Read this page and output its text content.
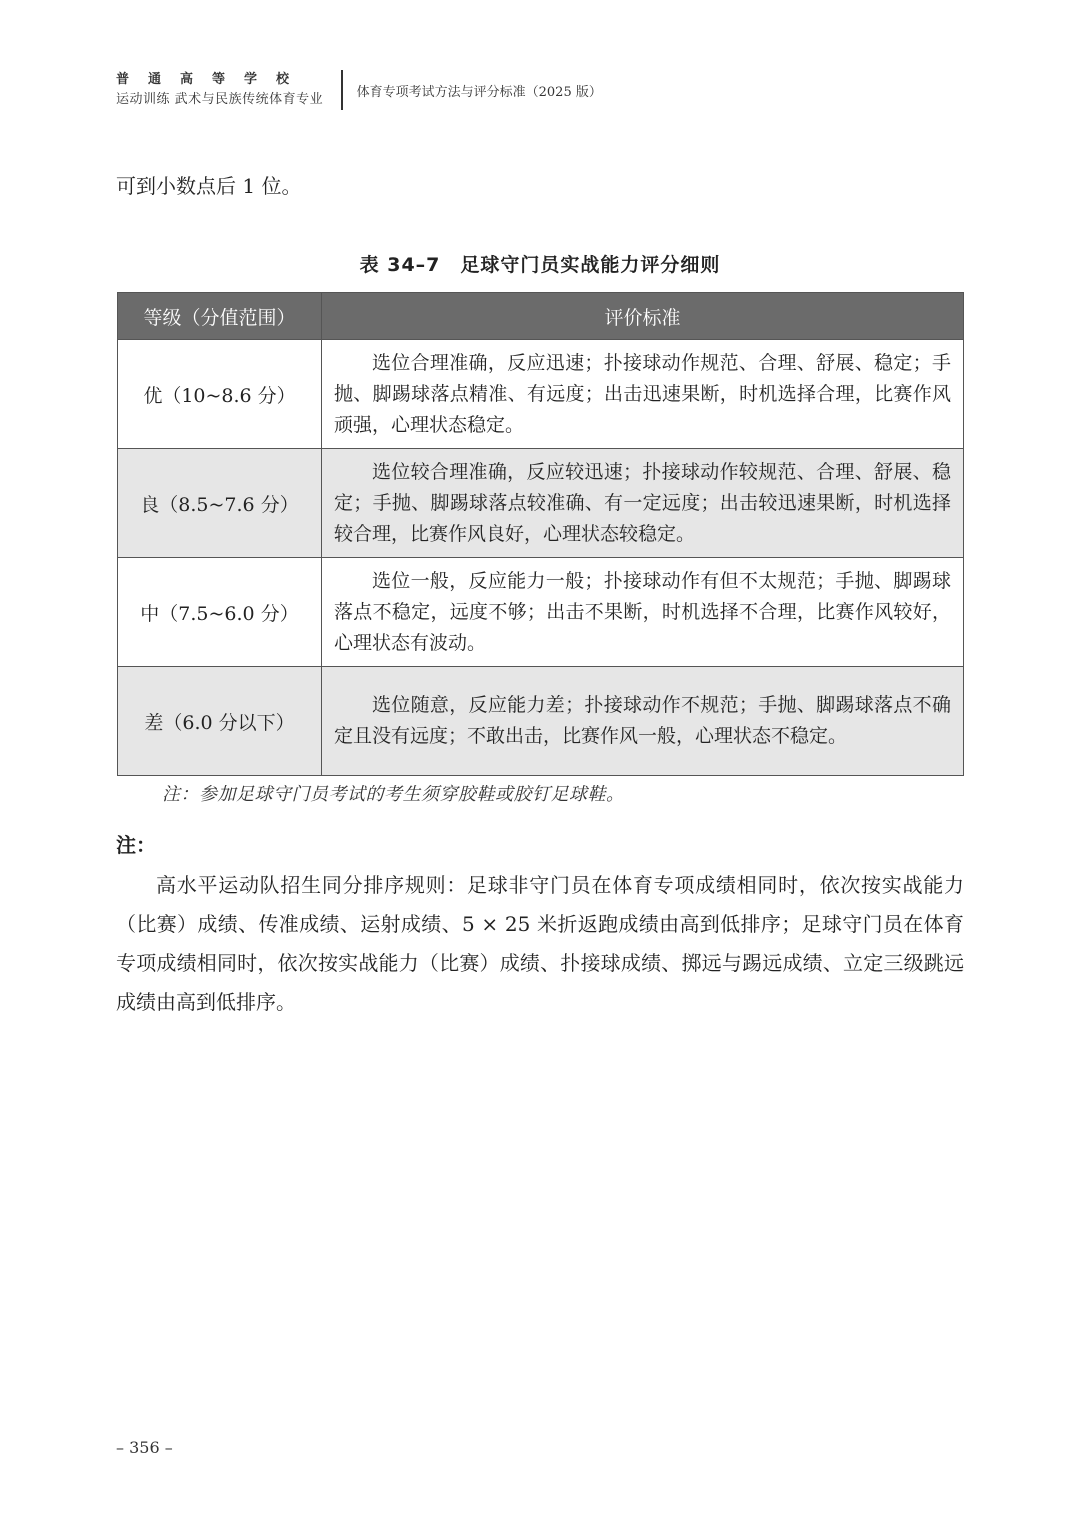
普通高等学校
运动训练 武术与民族传统体育专业	体育专项考试方法与评分标准（2025 版）
可到小数点后 1 位。
表 34–7　足球守门员实战能力评分细则
等级（分值范围）	评价标准
优（10~8.6 分）	选位合理准确，反应迅速；扑接球动作规范、合理、舒展、稳定；手抛、脚踢球落点精准、有远度；出击迅速果断，时机选择合理，比赛作风顽强，心理状态稳定。
良（8.5~7.6 分）	选位较合理准确，反应较迅速；扑接球动作较规范、合理、舒展、稳定；手抛、脚踢球落点较准确、有一定远度；出击较迅速果断，时机选择较合理，比赛作风良好，心理状态较稳定。
中（7.5~6.0 分）	选位一般，反应能力一般；扑接球动作有但不太规范；手抛、脚踢球落点不稳定，远度不够；出击不果断，时机选择不合理，比赛作风较好，心理状态有波动。
差（6.0 分以下）	选位随意，反应能力差；扑接球动作不规范；手抛、脚踢球落点不确定且没有远度；不敢出击，比赛作风一般，心理状态不稳定。
注：参加足球守门员考试的考生须穿胶鞋或胶钉足球鞋。
注：
高水平运动队招生同分排序规则：足球非守门员在体育专项成绩相同时，依次按实战能力（比赛）成绩、传准成绩、运射成绩、5 × 25 米折返跑成绩由高到低排序；足球守门员在体育专项成绩相同时，依次按实战能力（比赛）成绩、扑接球成绩、掷远与踢远成绩、立定三级跳远成绩由高到低排序。
– 356 –
